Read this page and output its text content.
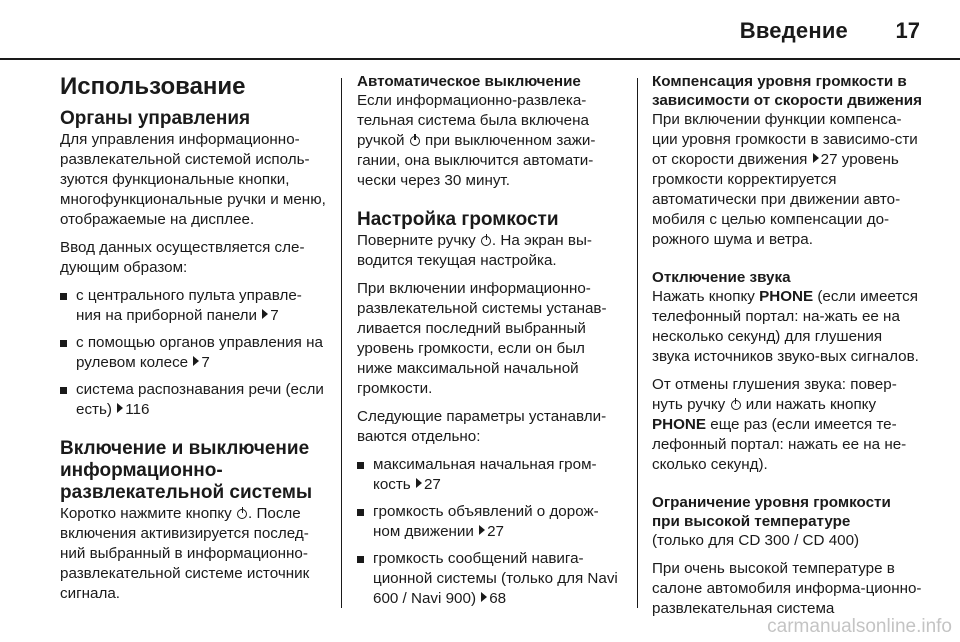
Введение 17
Использование
Органы управления

Для управления информационно-развлекательной системой исполь-зуются функциональные кнопки, многофункциональные ручки и меню, отображаемые на дисплее.

Ввод данных осуществляется сле-дующим образом:

с центрального пульта управле-ния на приборной панели 7
с помощью органов управления на рулевом колесе 7
система распознавания речи (если есть) 116
Включение и выключение информационно-развлекательной системы

Коротко нажмите кнопку . После включения активизируется послед-ний выбранный в информационно-развлекательной системе источник сигнала.

Автоматическое выключение

Если информационно-развлека-тельная система была включена ручкой при выключенном зажи-гании, она выключится автомати-чески через 30 минут.

Настройка громкости

Поверните ручку . На экран вы-водится текущая настройка.

При включении информационно-развлекательной системы устанав-ливается последний выбранный уровень громкости, если он был ниже максимальной начальной громкости.

Следующие параметры устанавли-ваются отдельно:

максимальная начальная гром-кость 27
громкость объявлений о дорож-ном движении 27
громкость сообщений навига-ционной системы (только для Navi 600 / Navi 900) 68
Компенсация уровня громкости в зависимости от скорости движения

При включении функции компенса-ции уровня громкости в зависимо-сти от скорости движения 27 уровень громкости корректируется автоматически при движении авто-мобиля с целью компенсации до-рожного шума и ветра.

Отключение звука

Нажать кнопку PHONE (если имеется телефонный портал: на-жать ее на несколько секунд) для глушения звука источников звуко-вых сигналов.

От отмены глушения звука: повер-нуть ручку или нажать кнопку PHONE еще раз (если имеется те-лефонный портал: нажать ее на не-сколько секунд).

Ограничение уровня громкости при высокой температуре

(только для CD 300 / CD 400)

При очень высокой температуре в салоне автомобиля информа-ционно-развлекательная система

carmanualsonline.info
